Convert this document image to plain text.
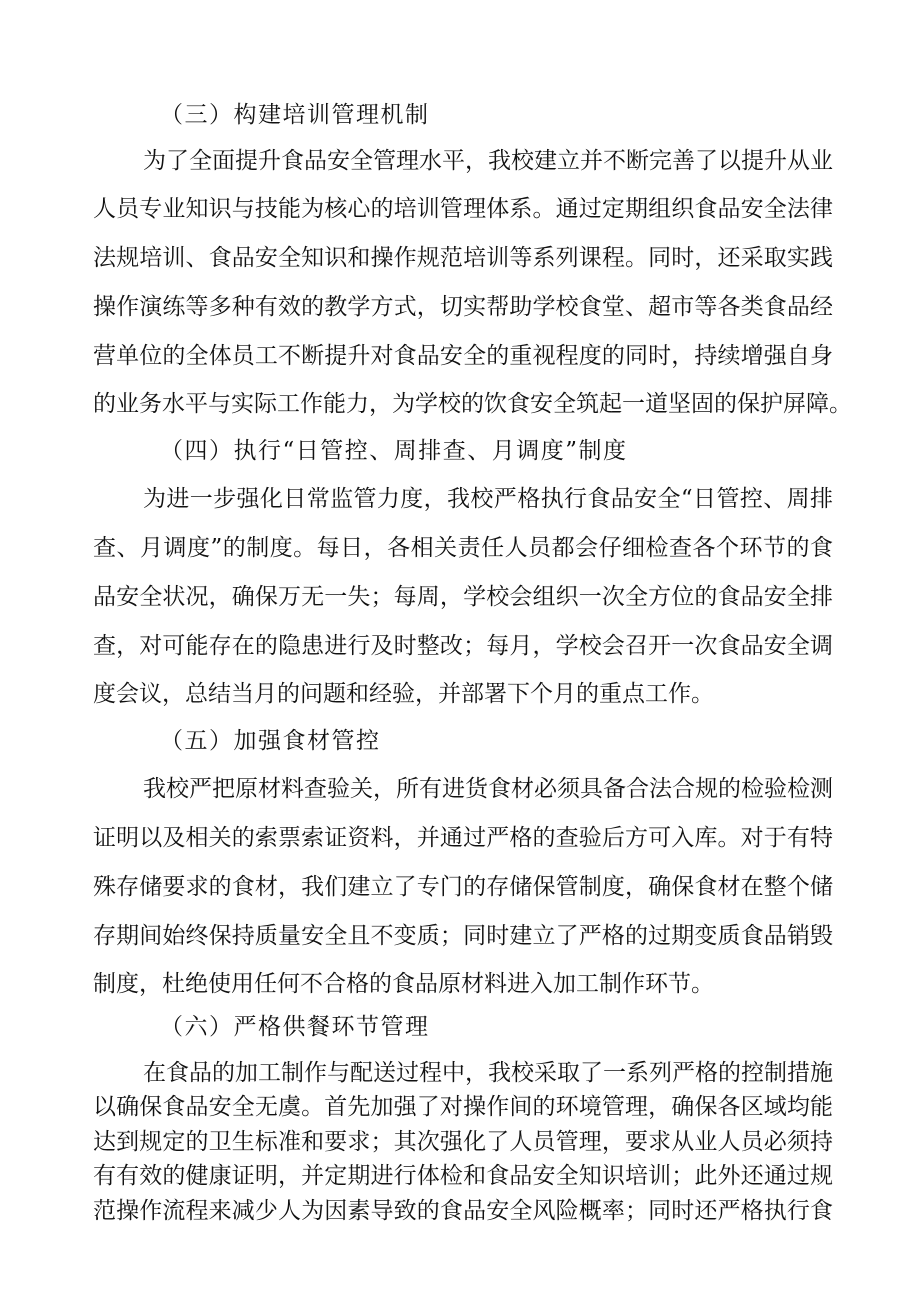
（三）构建培训管理机制
为了全面提升食品安全管理水平，我校建立并不断完善了以提升从业
人员专业知识与技能为核心的培训管理体系。通过定期组织食品安全法律
法规培训、食品安全知识和操作规范培训等系列课程。同时，还采取实践
操作演练等多种有效的教学方式，切实帮助学校食堂、超市等各类食品经
营单位的全体员工不断提升对食品安全的重视程度的同时，持续增强自身
的业务水平与实际工作能力，为学校的饮食安全筑起一道坚固的保护屏障。
（四）执行“日管控、周排查、月调度”制度
为进一步强化日常监管力度，我校严格执行食品安全“日管控、周排
查、月调度”的制度。每日，各相关责任人员都会仔细检查各个环节的食
品安全状况，确保万无一失；每周，学校会组织一次全方位的食品安全排
查，对可能存在的隐患进行及时整改；每月，学校会召开一次食品安全调
度会议，总结当月的问题和经验，并部署下个月的重点工作。
（五）加强食材管控
我校严把原材料查验关，所有进货食材必须具备合法合规的检验检测
证明以及相关的索票索证资料，并通过严格的查验后方可入库。对于有特
殊存储要求的食材，我们建立了专门的存储保管制度，确保食材在整个储
存期间始终保持质量安全且不变质；同时建立了严格的过期变质食品销毁
制度，杜绝使用任何不合格的食品原材料进入加工制作环节。
（六）严格供餐环节管理
在食品的加工制作与配送过程中，我校采取了一系列严格的控制措施
以确保食品安全无虞。首先加强了对操作间的环境管理，确保各区域均能
达到规定的卫生标准和要求；其次强化了人员管理，要求从业人员必须持
有有效的健康证明，并定期进行体检和食品安全知识培训；此外还通过规
范操作流程来减少人为因素导致的食品安全风险概率；同时还严格执行食
